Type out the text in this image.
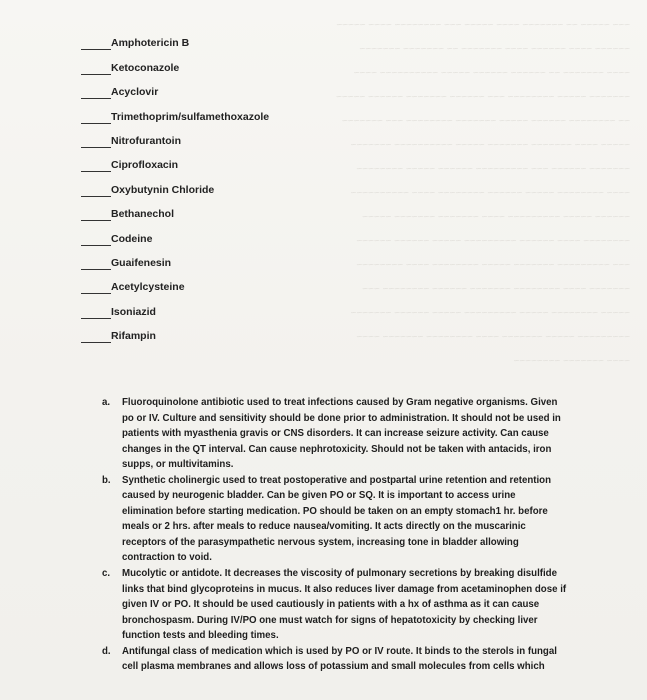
~~~ ~~~~~ ~~ ~~~~~~~ ~~~~ ~~~~~ ~~~ ~~~~~~~~ ~~~~ ~~~~~
~~~~~~ ~~~~ ~~~~~~ ~~~~ ~~~~~~~ ~~ ~~~~~~~ ~~~~~~~
~~~~ ~~~~~~~ ~~ ~~~~~~ ~~~~~~ ~~~~~ ~~~~~~~~~~ ~~~~
~~~~~~~ ~~~~~ ~~~~~~~~ ~~~ ~~~~~~ ~~~~~~~ ~~~~~~ ~~~~~
~~ ~~~~~~~~ ~~~~~~ ~~~~~ ~~~~~~~ ~~~~~~~~ ~~~ ~~~~~~~
~~~~~ ~~~~ ~~~~~~~ ~~~~~~~ ~~~~~ ~~~~~~~~~~ ~~~~~~~
~~~~~~~ ~~~~~~ ~~~ ~~~~~~~~~ ~~~~~~ ~~~~~ ~~~~~~~~
~~~~ ~~~~~~~~ ~~~~~ ~~~~~~ ~~~~~~~~ ~~~~ ~~~~~~~~~~
~~~~~~ ~~~~~ ~~~~~~~~~ ~~~~ ~~~~~~~ ~~~~~~~ ~~~~~
~~~~~~~~ ~~~~ ~~~~~~ ~~~~~~~~~ ~~~~~ ~~~~~~ ~~~~~~
~~~ ~~~~~~~~~ ~~~~~~~ ~~~~~ ~~~~~~~~ ~~~~ ~~~~~~~~
~~~~~~~ ~~~~ ~~~~~~~~ ~~~~~~~ ~~~~~~ ~~~~~~~~ ~~~
~~~~~ ~~~~~~~~ ~~~~~ ~~~~~~~~~ ~~~~~ ~~~~~~ ~~~~~~~
~~~~~~~~~ ~~~~~ ~~~~~~~ ~~~~ ~~~~~~~~ ~~~~~~~ ~~~~
~~~~ ~~~~~~~ ~~~~~~~~
Amphotericin B
Ketoconazole
Acyclovir
Trimethoprim/sulfamethoxazole
Nitrofurantoin
Ciprofloxacin
Oxybutynin Chloride
Bethanechol
Codeine
Guaifenesin
Acetylcysteine
Isoniazid
Rifampin
a.	Fluoroquinolone antibiotic used to treat infections caused by Gram negative organisms. Given
po or IV. Culture and sensitivity should be done prior to administration. It should not be used in
patients with myasthenia gravis or CNS disorders. It can increase seizure activity. Can cause
changes in the QT interval. Can cause nephrotoxicity. Should not be taken with antacids, iron
supps, or multivitamins.
b.	Synthetic cholinergic used to treat postoperative and postpartal urine retention and retention
caused by neurogenic bladder. Can be given PO or SQ. It is important to access urine
elimination before starting medication. PO should be taken on an empty stomach1 hr. before
meals or 2 hrs. after meals to reduce nausea/vomiting. It acts directly on the muscarinic
receptors of the parasympathetic nervous system, increasing tone in bladder allowing
contraction to void.
c.	Mucolytic or antidote. It decreases the viscosity of pulmonary secretions by breaking disulfide
links that bind glycoproteins in mucus. It also reduces liver damage from acetaminophen dose if
given IV or PO. It should be used cautiously in patients with a hx of asthma as it can cause
bronchospasm. During IV/PO one must watch for signs of hepatotoxicity by checking liver
function tests and bleeding times.
d.	Antifungal class of medication which is used by PO or IV route. It binds to the sterols in fungal
cell plasma membranes and allows loss of potassium and small molecules from cells which
